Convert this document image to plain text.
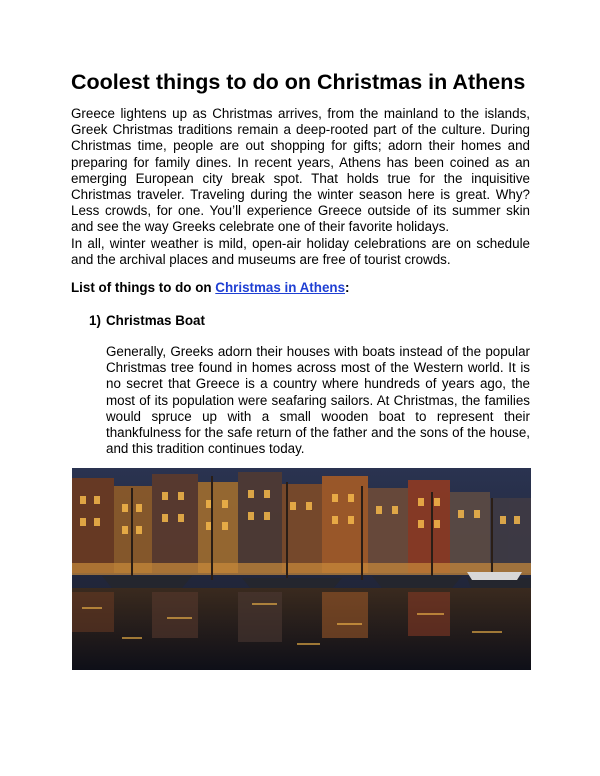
Coolest things to do on Christmas in Athens

Greece lightens up as Christmas arrives, from the mainland to the islands, Greek Christmas traditions remain a deep-rooted part of the culture. During Christmas time, people are out shopping for gifts; adorn their homes and preparing for family dines. In recent years, Athens has been coined as an emerging European city break spot. That holds true for the inquisitive Christmas traveler. Traveling during the winter season here is great. Why? Less crowds, for one. You’ll experience Greece outside of its summer skin and see the way Greeks celebrate one of their favorite holidays.

In all, winter weather is mild, open-air holiday celebrations are on schedule and the archival places and museums are free of tourist crowds.

List of things to do on Christmas in Athens:

1) Christmas Boat

Generally, Greeks adorn their houses with boats instead of the popular Christmas tree found in homes across most of the Western world. It is no secret that Greece is a country where hundreds of years ago, the most of its population were seafaring sailors. At Christmas, the families would spruce up with a small wooden boat to represent their thankfulness for the safe return of the father and the sons of the house, and this tradition continues today.
